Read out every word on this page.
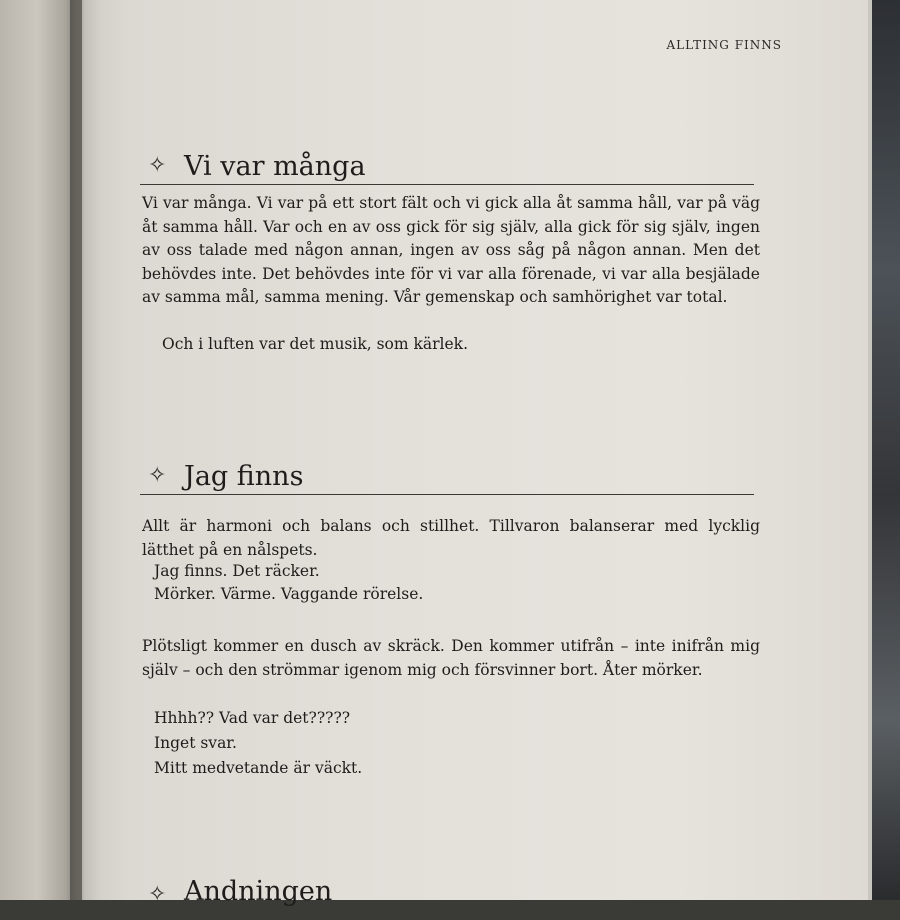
ALLTING FINNS
✧ Vi var många

Vi var många. Vi var på ett stort fält och vi gick alla åt samma håll, var på väg åt samma håll. Var och en av oss gick för sig själv, alla gick för sig själv, ingen av oss talade med någon annan, ingen av oss såg på någon annan. Men det behövdes inte. Det behövdes inte för vi var alla förenade, vi var alla besjälade av samma mål, samma mening. Vår gemenskap och samhörighet var total.

Och i luften var det musik, som kärlek.

✧ Jag finns

Allt är harmoni och balans och stillhet. Tillvaron balanserar med lycklig lätthet på en nålspets.

Jag finns. Det räcker.
Mörker. Värme. Vaggande rörelse.

Plötsligt kommer en dusch av skräck. Den kommer utifrån – inte inifrån mig själv – och den strömmar igenom mig och försvinner bort. Åter mörker.

Hhhh?? Vad var det?????
Inget svar.
Mitt medvetande är väckt.
✧ Andningen
